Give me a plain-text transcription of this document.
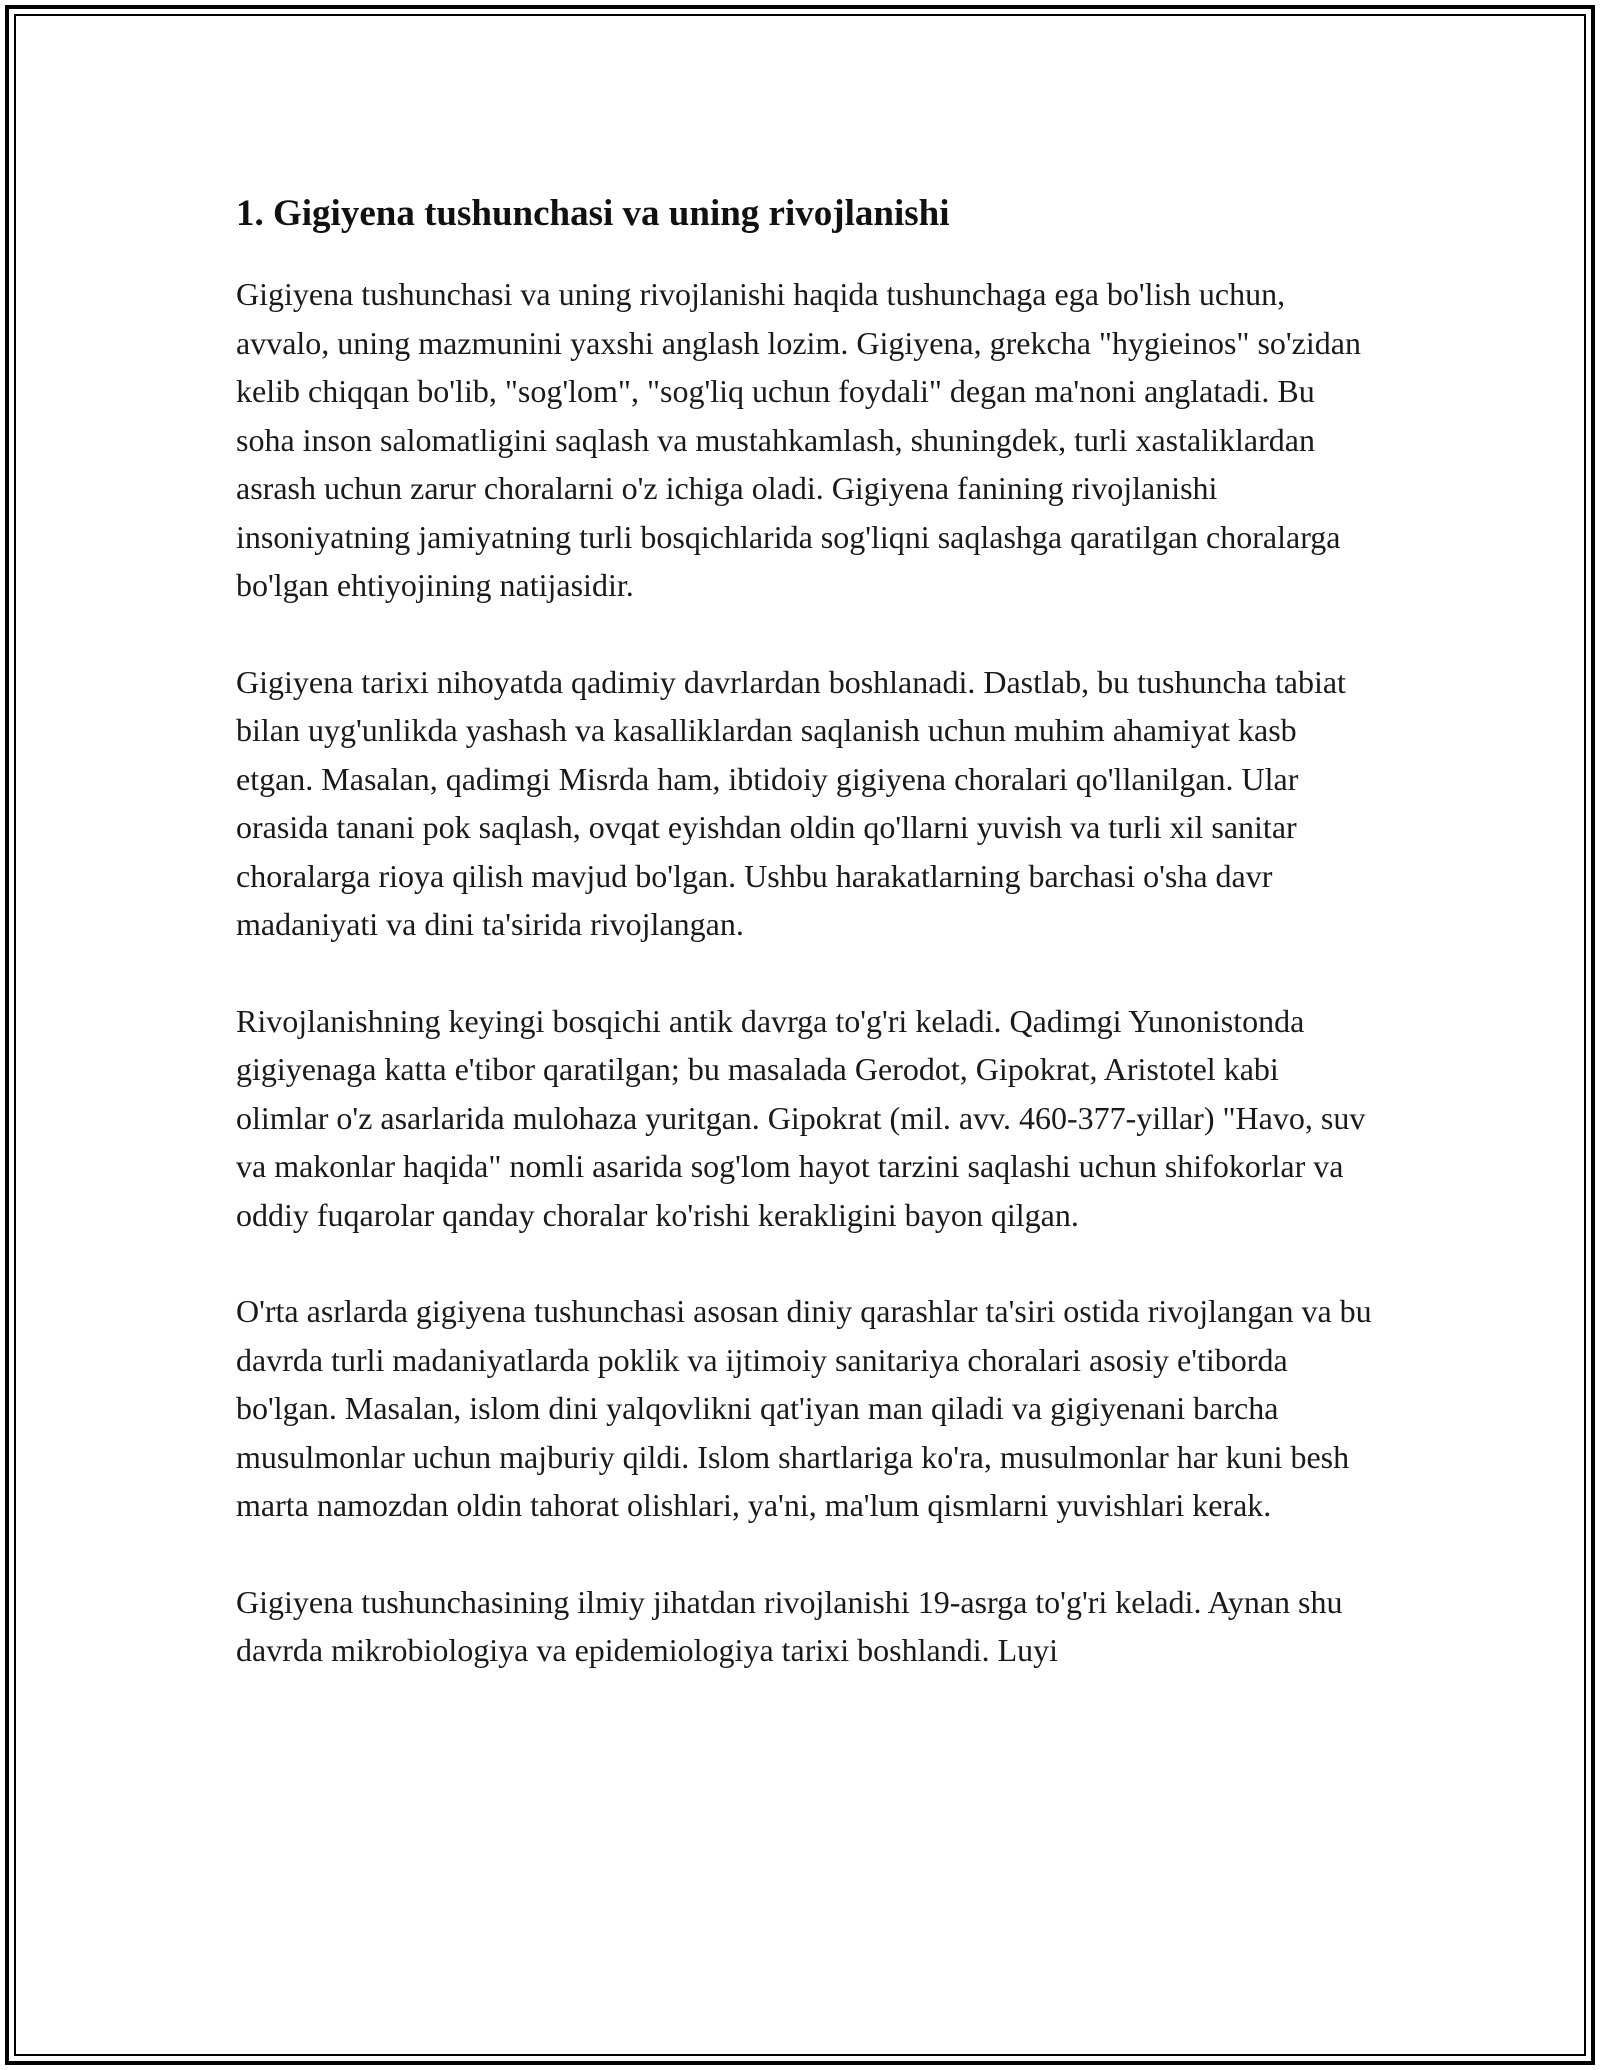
1. Gigiyena tushunchasi va uning rivojlanishi

Gigiyena tushunchasi va uning rivojlanishi haqida tushunchaga ega bo'lish uchun, avvalo, uning mazmunini yaxshi anglash lozim. Gigiyena, grekcha "hygieinos" so'zidan kelib chiqqan bo'lib, "sog'lom", "sog'liq uchun foydali" degan ma'noni anglatadi. Bu soha inson salomatligini saqlash va mustahkamlash, shuningdek, turli xastaliklardan asrash uchun zarur choralarni o'z ichiga oladi. Gigiyena fanining rivojlanishi insoniyatning jamiyatning turli bosqichlarida sog'liqni saqlashga qaratilgan choralarga bo'lgan ehtiyojining natijasidir.

Gigiyena tarixi nihoyatda qadimiy davrlardan boshlanadi. Dastlab, bu tushuncha tabiat bilan uyg'unlikda yashash va kasalliklardan saqlanish uchun muhim ahamiyat kasb etgan. Masalan, qadimgi Misrda ham, ibtidoiy gigiyena choralari qo'llanilgan. Ular orasida tanani pok saqlash, ovqat eyishdan oldin qo'llarni yuvish va turli xil sanitar choralarga rioya qilish mavjud bo'lgan. Ushbu harakatlarning barchasi o'sha davr madaniyati va dini ta'sirida rivojlangan.

Rivojlanishning keyingi bosqichi antik davrga to'g'ri keladi. Qadimgi Yunonistonda gigiyenaga katta e'tibor qaratilgan; bu masalada Gerodot, Gipokrat, Aristotel kabi olimlar o'z asarlarida mulohaza yuritgan. Gipokrat (mil. avv. 460-377-yillar) "Havo, suv va makonlar haqida" nomli asarida sog'lom hayot tarzini saqlashi uchun shifokorlar va oddiy fuqarolar qanday choralar ko'rishi kerakligini bayon qilgan.

O'rta asrlarda gigiyena tushunchasi asosan diniy qarashlar ta'siri ostida rivojlangan va bu davrda turli madaniyatlarda poklik va ijtimoiy sanitariya choralari asosiy e'tiborda bo'lgan. Masalan, islom dini yalqovlikni qat'iyan man qiladi va gigiyenani barcha musulmonlar uchun majburiy qildi. Islom shartlariga ko'ra, musulmonlar har kuni besh marta namozdan oldin tahorat olishlari, ya'ni, ma'lum qismlarni yuvishlari kerak.

Gigiyena tushunchasining ilmiy jihatdan rivojlanishi 19-asrga to'g'ri keladi. Aynan shu davrda mikrobiologiya va epidemiologiya tarixi boshlandi. Luyi
